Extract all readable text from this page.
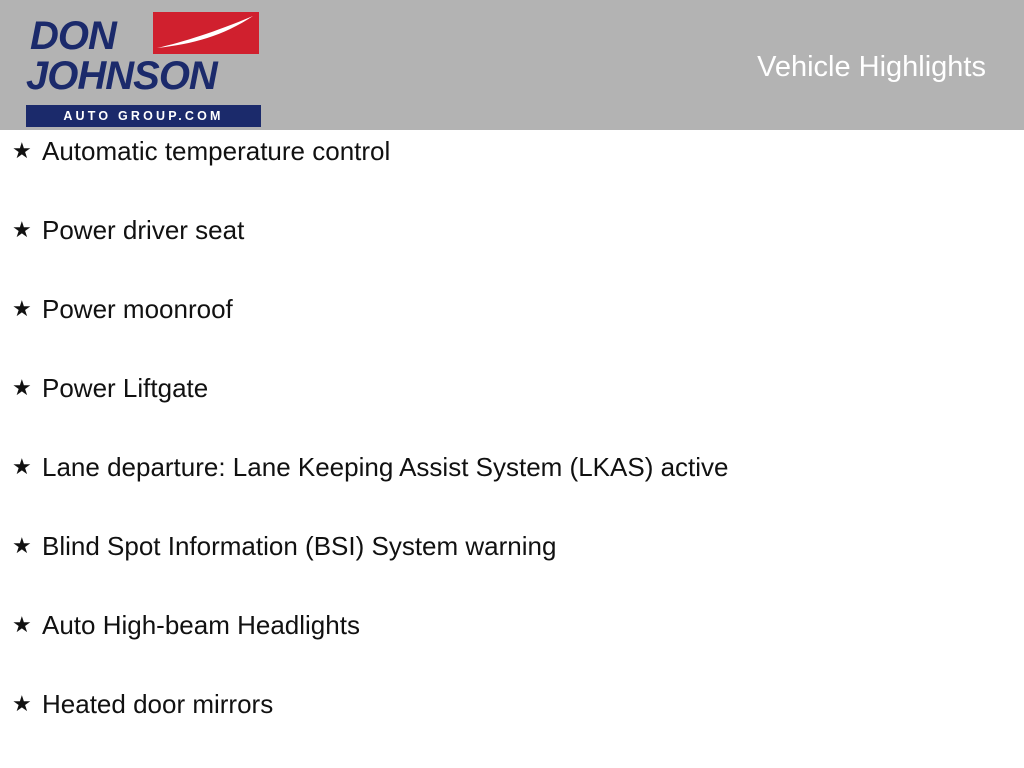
DON
JOHNSON
AUTO GROUP.COM
Vehicle Highlights
★ Automatic temperature control
★ Power driver seat
★ Power moonroof
★ Power Liftgate
★ Lane departure: Lane Keeping Assist System (LKAS) active
★ Blind Spot Information (BSI) System warning
★ Auto High-beam Headlights
★ Heated door mirrors
